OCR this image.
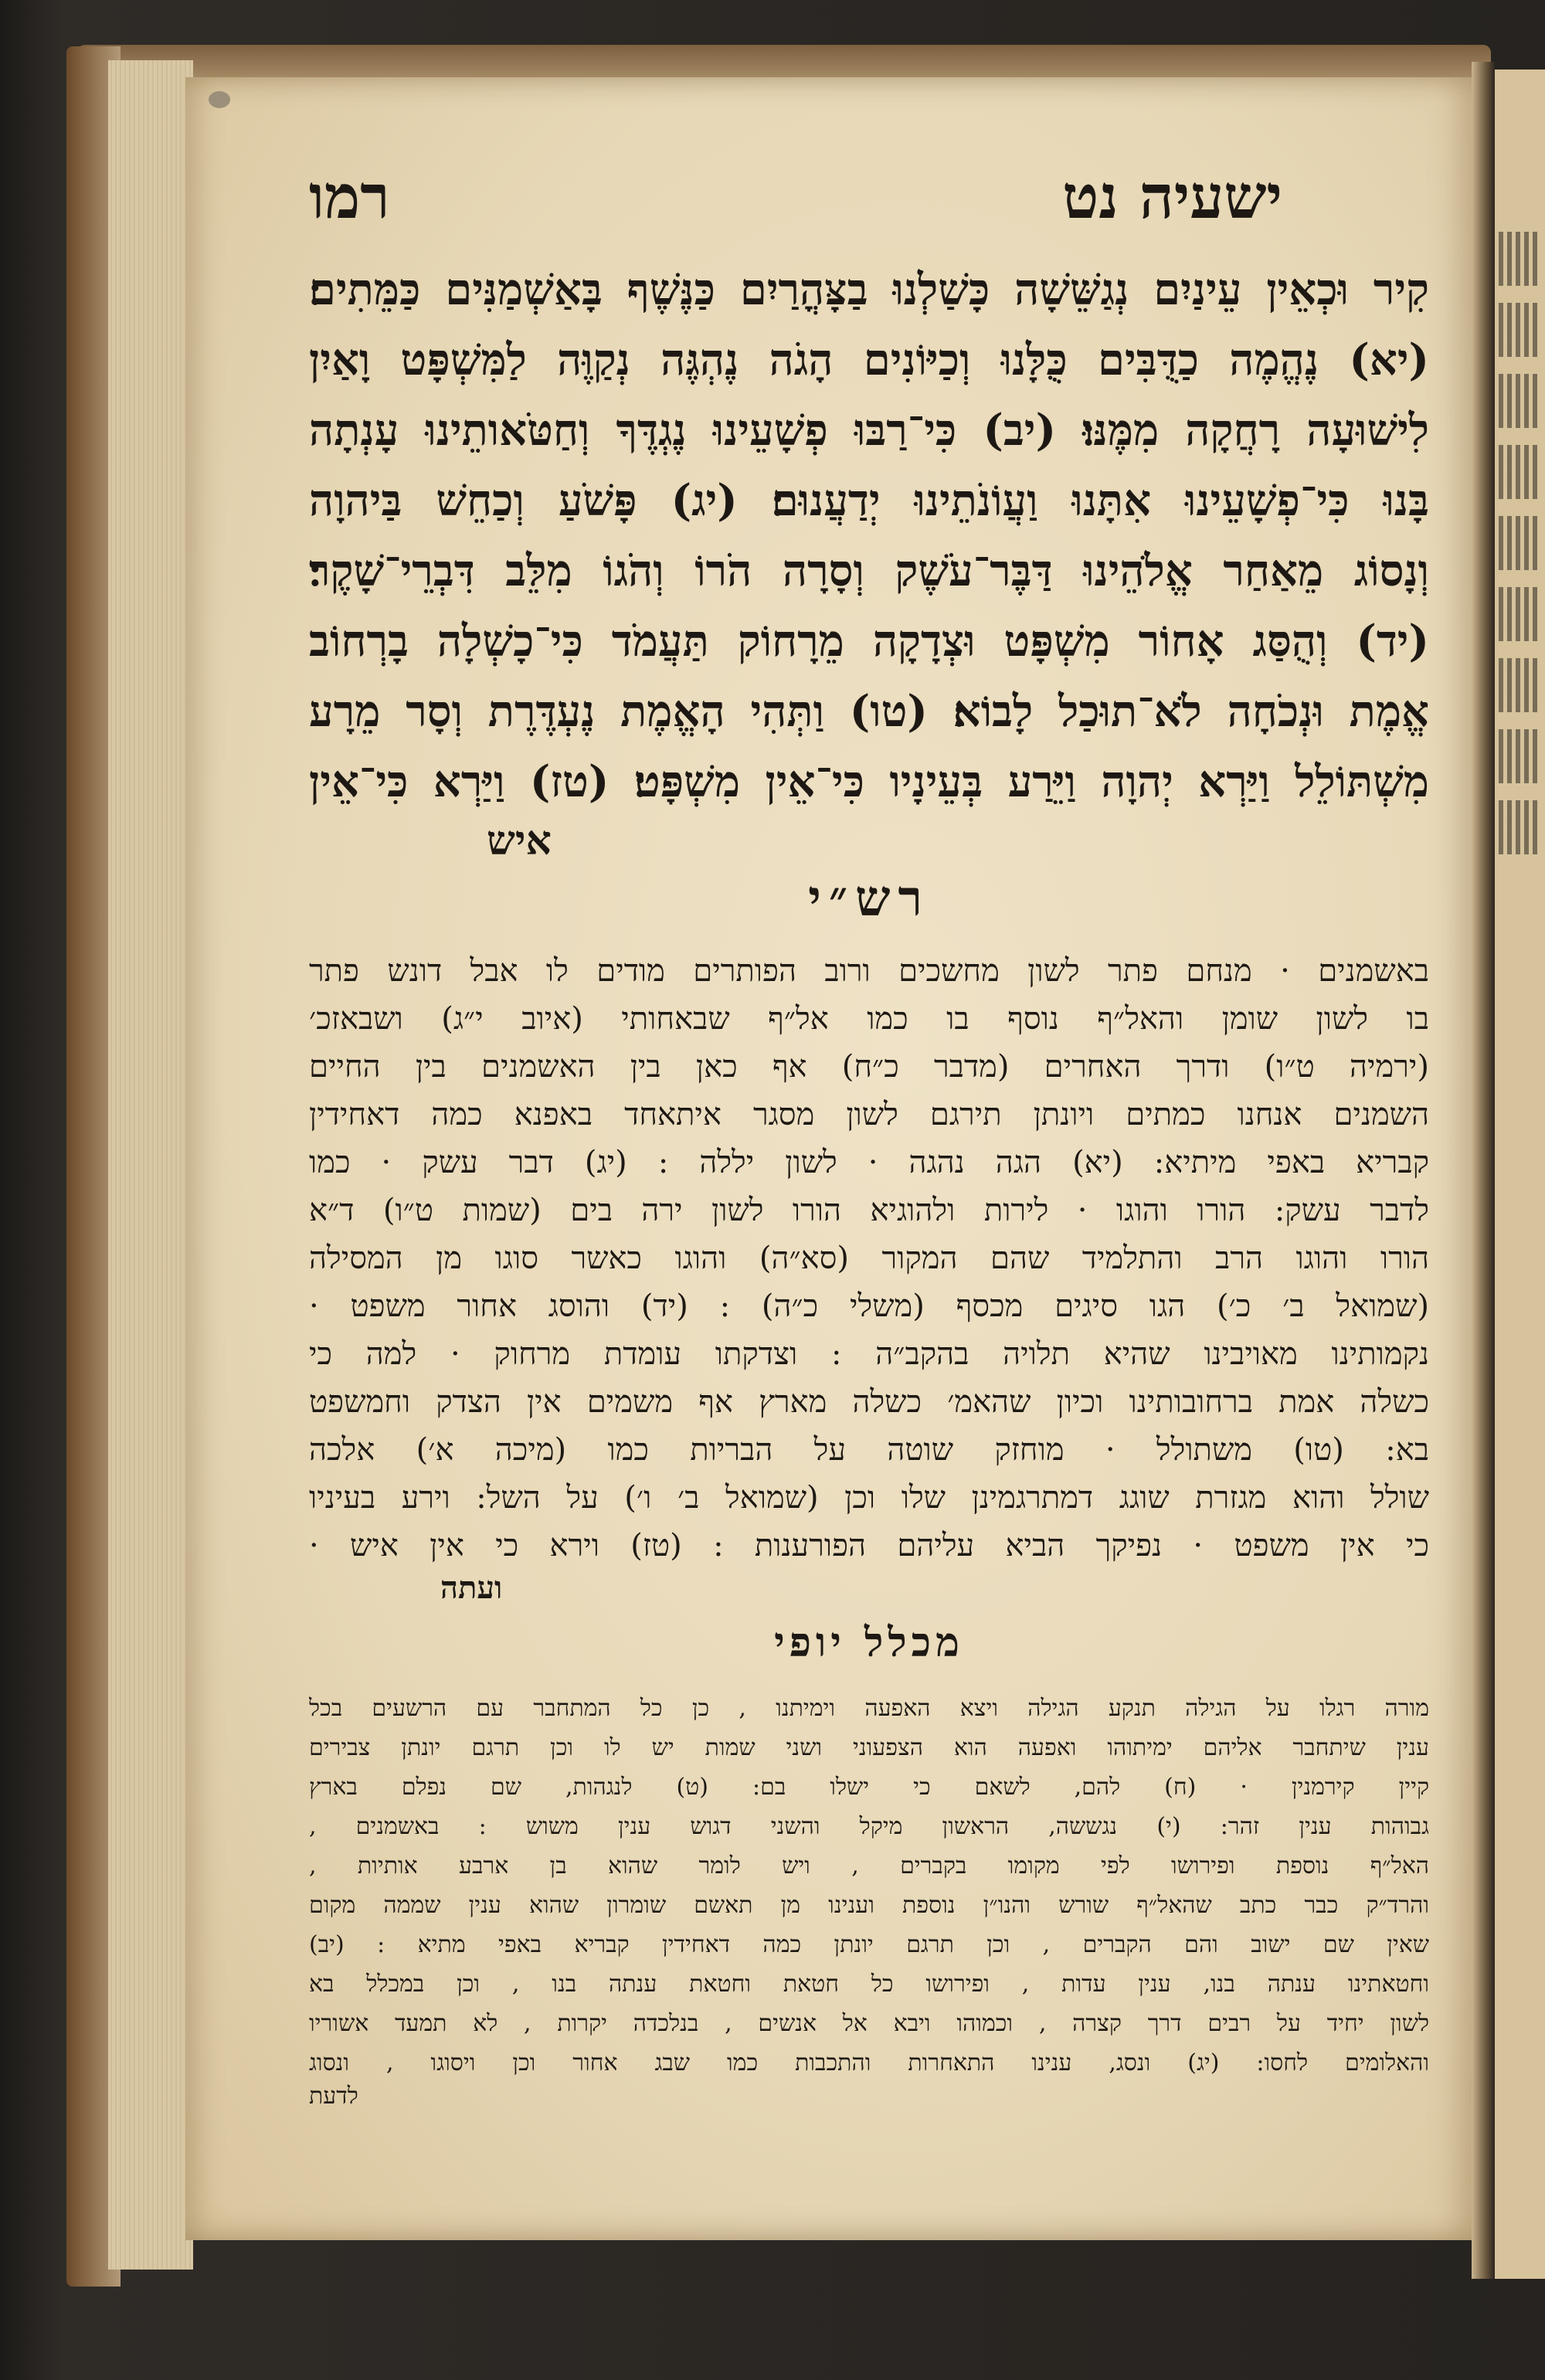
ישעיה נט
רמו
קִיר וּכְאֵין עֵינַיִם נְגַשֵּׁשָׁה כָּשַׁלְנוּ בַצָּהֳרַיִם כַּנֶּשֶׁף בָּאַשְׁמַנִּים כַּמֵּתִים׃
(יא) נֶהֱמֶה כַדֻּבִּים כֻּלָּנוּ וְכַיּוֹנִים הָגֹה נֶהְגֶּה נְקַוֶּה לַמִּשְׁפָּט וָאַיִן
לִישׁוּעָה רָחֲקָה מִמֶּנּוּ׃ (יב) כִּי־רַבּוּ פְשָׁעֵינוּ נֶגְדֶּךָ וְחַטֹּאותֵינוּ עָנְתָה
בָּנוּ כִּי־פְשָׁעֵינוּ אִתָּנוּ וַעֲוֹנֹתֵינוּ יְדַעֲנוּם׃ (יג) פָּשֹׁעַ וְכַחֵשׁ בַּיהוָה
וְנָסוֹג מֵאַחַר אֱלֹהֵינוּ דַּבֶּר־עֹשֶׁק וְסָרָה הֹרוֹ וְהֹגוֹ מִלֵּב דִּבְרֵי־שָׁקֶר׃
(יד) וְהֻסַּג אָחוֹר מִשְׁפָּט וּצְדָקָה מֵרָחוֹק תַּעֲמֹד כִּי־כָשְׁלָה בָרְחוֹב
אֱמֶת וּנְכֹחָה לֹא־תוּכַל לָבוֹא׃ (טו) וַתְּהִי הָאֱמֶת נֶעְדֶּרֶת וְסָר מֵרָע
מִשְׁתּוֹלֵל וַיַּרְא יְהוָה וַיֵּרַע בְּעֵינָיו כִּי־אֵין מִשְׁפָּט׃ (טז) וַיַּרְא כִּי־אֵין
איש
רש״י
באשמנים · מנחם פתר לשון מחשכים ורוב הפותרים מודים לו אבל דונש פתר
בו לשון שומן והאל״ף נוסף בו כמו אל״ף שבאחותי (איוב י״ג) ושבאזכ׳
(ירמיה ט״ו) ודרך האחרים (מדבר כ״ח) אף כאן בין האשמנים בין החיים
השמנים אנחנו כמתים ויונתן תירגם לשון מסגר איתאחד באפנא כמה דאחידין
קבריא באפי מיתיא: (יא) הגה נהגה · לשון יללה : (יג) דבר עשק · כמו
לדבר עשק: הורו והוגו · לירות ולהוגיא הורו לשון ירה בים (שמות ט״ו) ד״א
הורו והוגו הרב והתלמיד שהם המקור (סא״ה) והוגו כאשר סוגו מן המסילה
(שמואל ב׳ כ׳) הגו סיגים מכסף (משלי כ״ה) : (יד) והוסג אחור משפט ·
נקמותינו מאויבינו שהיא תלויה בהקב״ה : וצדקתו עומדת מרחוק · למה כי
כשלה אמת ברחובותינו וכיון שהאמ׳ כשלה מארץ אף משמים אין הצדק וחמשפט
בא: (טו) משתולל · מוחזק שוטה על הבריות כמו (מיכה א׳) אלכה
שולל והוא מגזרת שוגג דמתרגמינן שלו וכן (שמואל ב׳ ו׳) על השל: וירע בעיניו
כי אין משפט · נפיקך הביא עליהם הפורענות : (טז) וירא כי אין איש ·
ועתה
מכלל יופי
מורה רגלו על הגילה תנקע הגילה ויצא האפעה וימיתנו , כן כל המתחבר עם הרשעים בכל
ענין שיתחבר אליהם ימיתוהו ואפעה הוא הצפעוני ושני שמות יש לו וכן תרגם יונתן צבירים
קיין קירמנין · (ח) להם, לשאם כי ישלו בם: (ט) לנגהות, שם נפלם בארץ
גבוהות ענין זהר: (י) נגששה, הראשון מיקל והשני דגוש ענין משוש : באשמנים ,
האל״ף נוספת ופירושו לפי מקומו בקברים , ויש לומר שהוא בן ארבע אותיות ,
והרד״ק כבר כתב שהאל״ף שורש והנו״ן נוספת וענינו מן תאשם שומרון שהוא ענין שממה מקום
שאין שם ישוב והם הקברים , וכן תרגם יונתן כמה דאחידין קבריא באפי מתיא : (יב)
וחטאתינו ענתה בנו, ענין עדות , ופירושו כל חטאת וחטאת ענתה בנו , וכן במכלל בא
לשון יחיד על רבים דרך קצרה , וכמוהו ויבא אל אנשים , בנלכדה יקרות , לא תמעד אשוריו
והאלומים לחסו: (יג) ונסג, ענינו התאחרות והתכבות כמו שבג אחור וכן ויסוגו , ונסוג
לדעת
